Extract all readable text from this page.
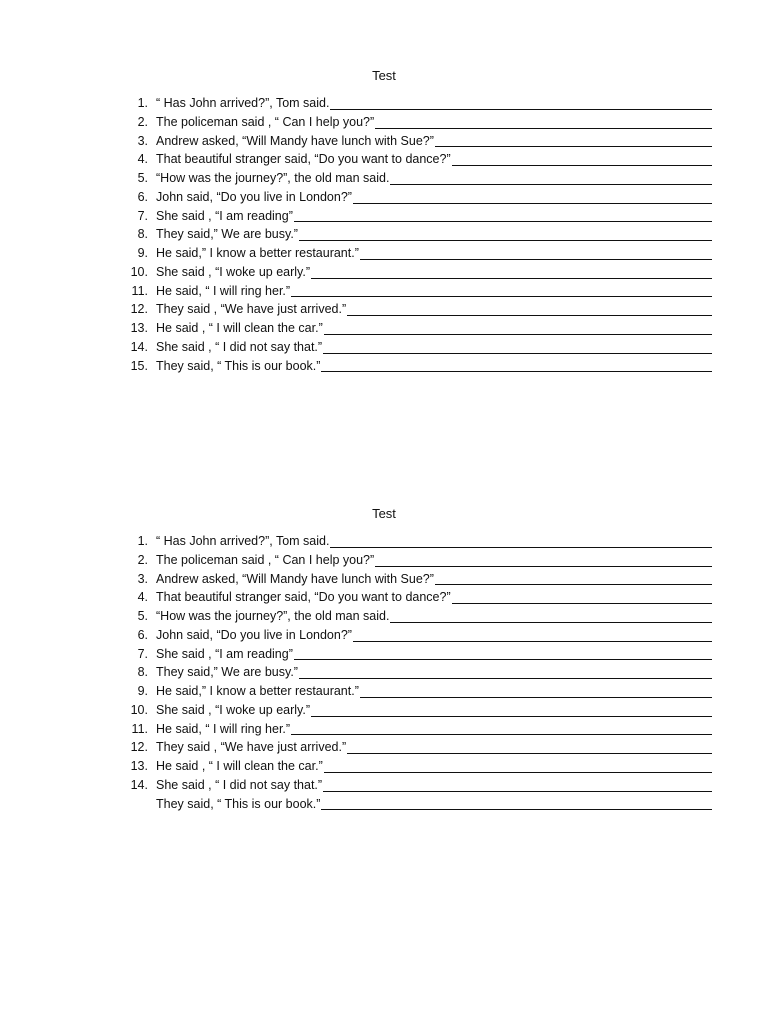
Test
1. “ Has John arrived?”, Tom said.
2. The policeman said , “ Can I help you?”
3. Andrew asked, “Will Mandy have lunch with Sue?”
4. That beautiful stranger said, “Do you want to dance?”
5. “How was the journey?”, the old man said.
6. John said, “Do you live in London?”
7. She said , “I am reading”
8. They said,” We are busy.”
9. He said,” I know a better restaurant.”
10. She said , “I woke up early.”
11. He said, “ I will ring her.”
12. They said , “We have just arrived.”
13. He said , “ I will clean the car.”
14. She said , “ I did not say that.”
15. They said, “ This is our book.”
Test
1. “ Has John arrived?”, Tom said.
2. The policeman said , “ Can I help you?”
3. Andrew asked, “Will Mandy have lunch with Sue?”
4. That beautiful stranger said, “Do you want to dance?”
5. “How was the journey?”, the old man said.
6. John said, “Do you live in London?”
7. She said , “I am reading”
8. They said,” We are busy.”
9. He said,” I know a better restaurant.”
10. She said , “I woke up early.”
11. He said, “ I will ring her.”
12. They said , “We have just arrived.”
13. He said , “ I will clean the car.”
14. She said , “ I did not say that.”
They said, “ This is our book.”
